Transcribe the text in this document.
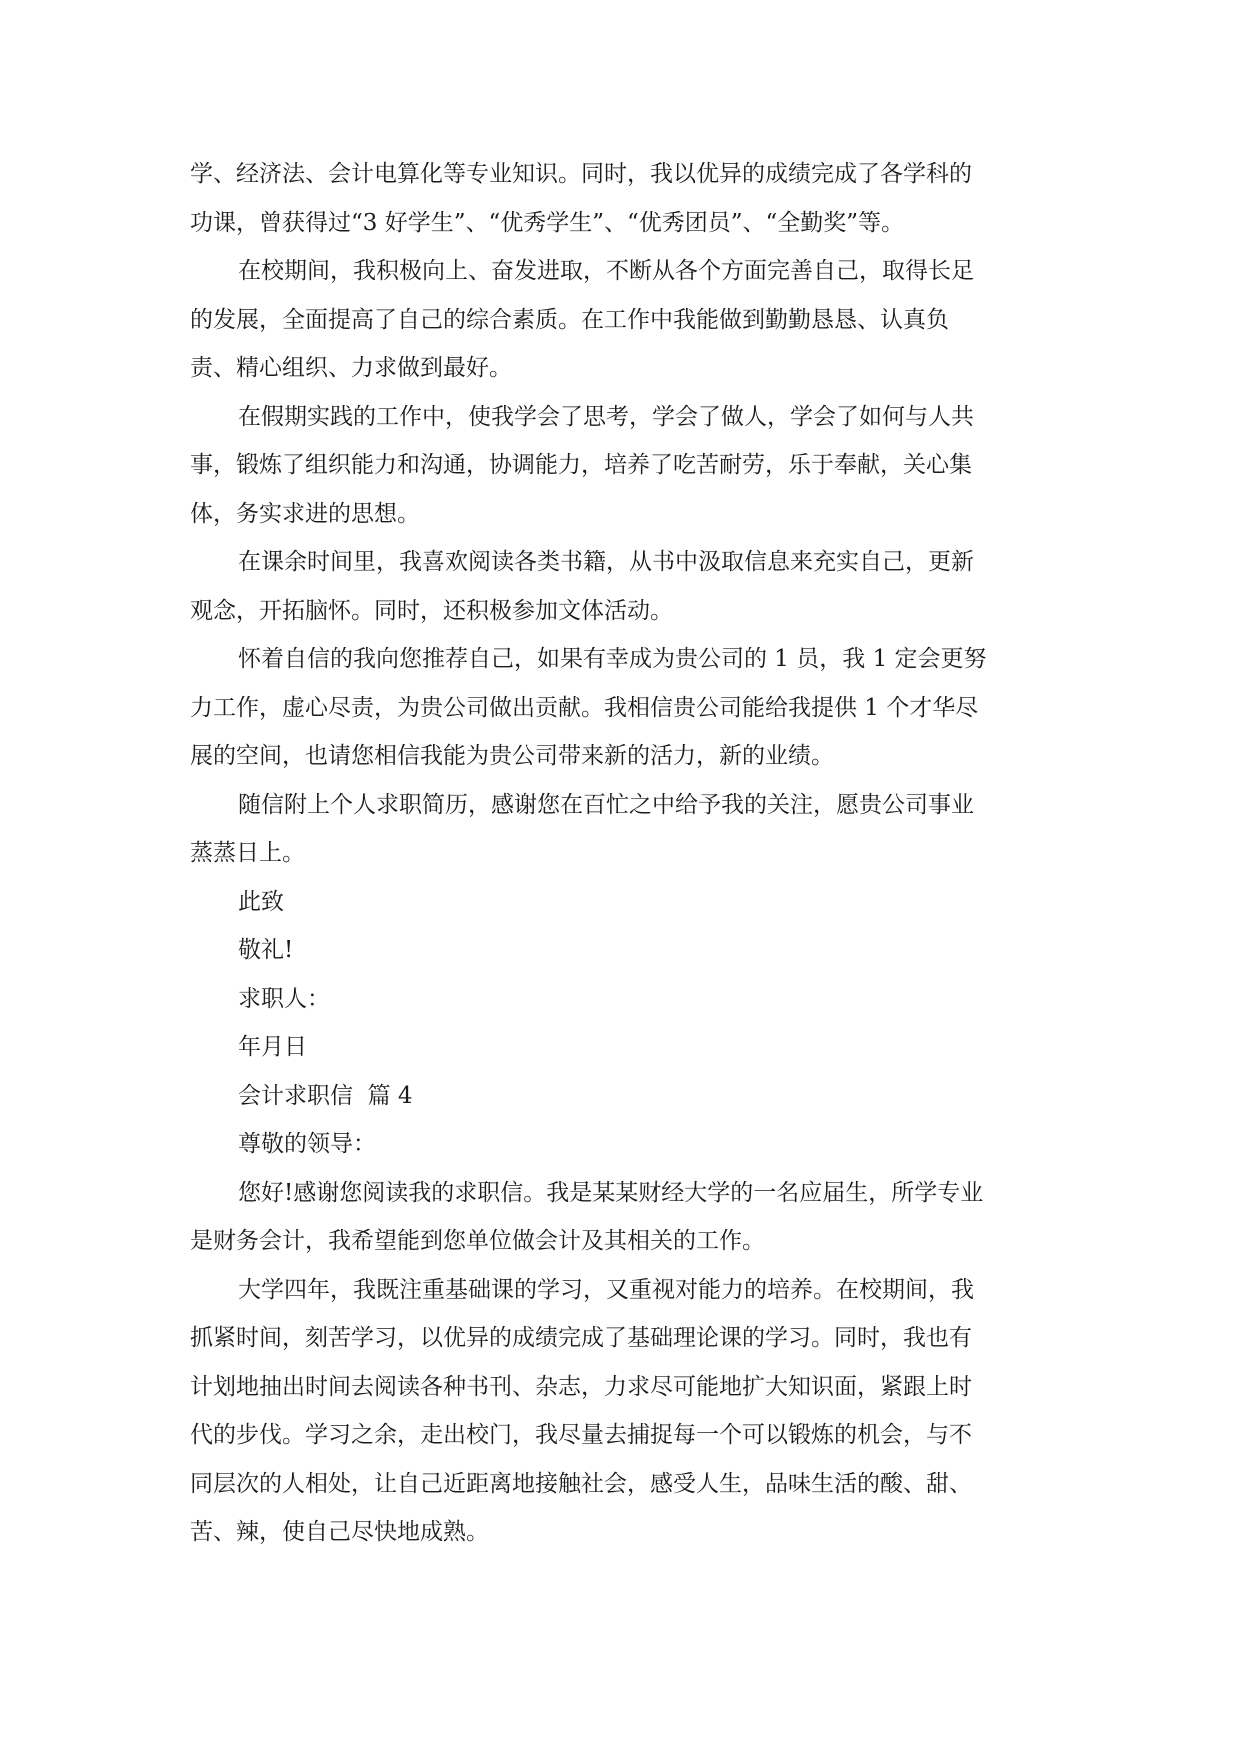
学、经济法、会计电算化等专业知识。同时，我以优异的成绩完成了各学科的
功课，曾获得过“3 好学生”、“优秀学生”、“优秀团员”、“全勤奖”等。

在校期间，我积极向上、奋发进取，不断从各个方面完善自己，取得长足
的发展，全面提高了自己的综合素质。在工作中我能做到勤勤恳恳、认真负
责、精心组织、力求做到最好。

在假期实践的工作中，使我学会了思考，学会了做人，学会了如何与人共
事，锻炼了组织能力和沟通，协调能力，培养了吃苦耐劳，乐于奉献，关心集
体，务实求进的思想。

在课余时间里，我喜欢阅读各类书籍，从书中汲取信息来充实自己，更新
观念，开拓脑怀。同时，还积极参加文体活动。

怀着自信的我向您推荐自己，如果有幸成为贵公司的 1 员，我 1 定会更努
力工作，虚心尽责，为贵公司做出贡献。我相信贵公司能给我提供 1 个才华尽
展的空间，也请您相信我能为贵公司带来新的活力，新的业绩。

随信附上个人求职简历，感谢您在百忙之中给予我的关注，愿贵公司事业
蒸蒸日上。

此致

敬礼!

求职人：

年月日

会计求职信  篇 4

尊敬的领导：

您好!感谢您阅读我的求职信。我是某某财经大学的一名应届生，所学专业
是财务会计，我希望能到您单位做会计及其相关的工作。

大学四年，我既注重基础课的学习，又重视对能力的培养。在校期间，我
抓紧时间，刻苦学习，以优异的成绩完成了基础理论课的学习。同时，我也有
计划地抽出时间去阅读各种书刊、杂志，力求尽可能地扩大知识面，紧跟上时
代的步伐。学习之余，走出校门，我尽量去捕捉每一个可以锻炼的机会，与不
同层次的人相处，让自己近距离地接触社会，感受人生，品味生活的酸、甜、
苦、辣，使自己尽快地成熟。
